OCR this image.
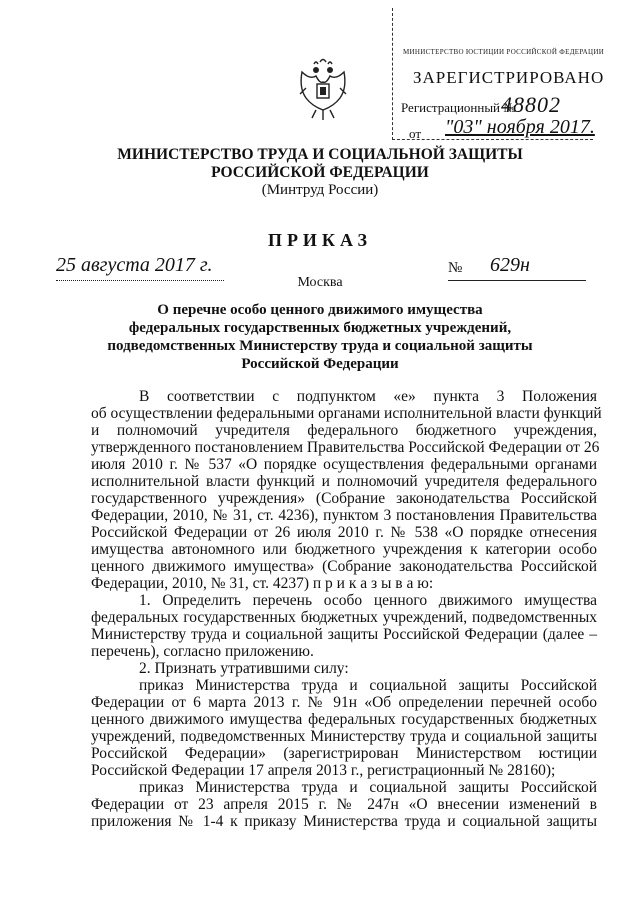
МИНИСТЕРСТВО ЮСТИЦИИ РОССИЙСКОЙ ФЕДЕРАЦИИ
ЗАРЕГИСТРИРОВАНО
Регистрационный №
48802
от "03" ноября 2017.
МИНИСТЕРСТВО ТРУДА И СОЦИАЛЬНОЙ ЗАЩИТЫ
РОССИЙСКОЙ ФЕДЕРАЦИИ
(Минтруд России)
ПРИКАЗ
25 августа 2017 г.	№ 629н
Москва
О перечне особо ценного движимого имущества
федеральных государственных бюджетных учреждений,
подведомственных Министерству труда и социальной защиты
Российской Федерации
В соответствии с подпунктом «е» пункта 3 Положения
об осуществлении федеральными органами исполнительной власти функций
и полномочий учредителя федерального бюджетного учреждения,
утвержденного постановлением Правительства Российской Федерации от 26
июля 2010 г. № 537 «О порядке осуществления федеральными органами
исполнительной власти функций и полномочий учредителя федерального
государственного учреждения» (Собрание законодательства Российской
Федерации, 2010, № 31, ст. 4236), пунктом 3 постановления Правительства
Российской Федерации от 26 июля 2010 г. № 538 «О порядке отнесения
имущества автономного или бюджетного учреждения к категории особо
ценного движимого имущества» (Собрание законодательства Российской
Федерации, 2010, № 31, ст. 4237) п р и к а з ы в а ю:
1. Определить перечень особо ценного движимого имущества
федеральных государственных бюджетных учреждений, подведомственных
Министерству труда и социальной защиты Российской Федерации (далее –
перечень), согласно приложению.
2. Признать утратившими силу:
приказ Министерства труда и социальной защиты Российской
Федерации от 6 марта 2013 г. № 91н «Об определении перечней особо
ценного движимого имущества федеральных государственных бюджетных
учреждений, подведомственных Министерству труда и социальной защиты
Российской Федерации» (зарегистрирован Министерством юстиции
Российской Федерации 17 апреля 2013 г., регистрационный № 28160);
приказ Министерства труда и социальной защиты Российской
Федерации от 23 апреля 2015 г. № 247н «О внесении изменений в
приложения № 1-4 к приказу Министерства труда и социальной защиты
